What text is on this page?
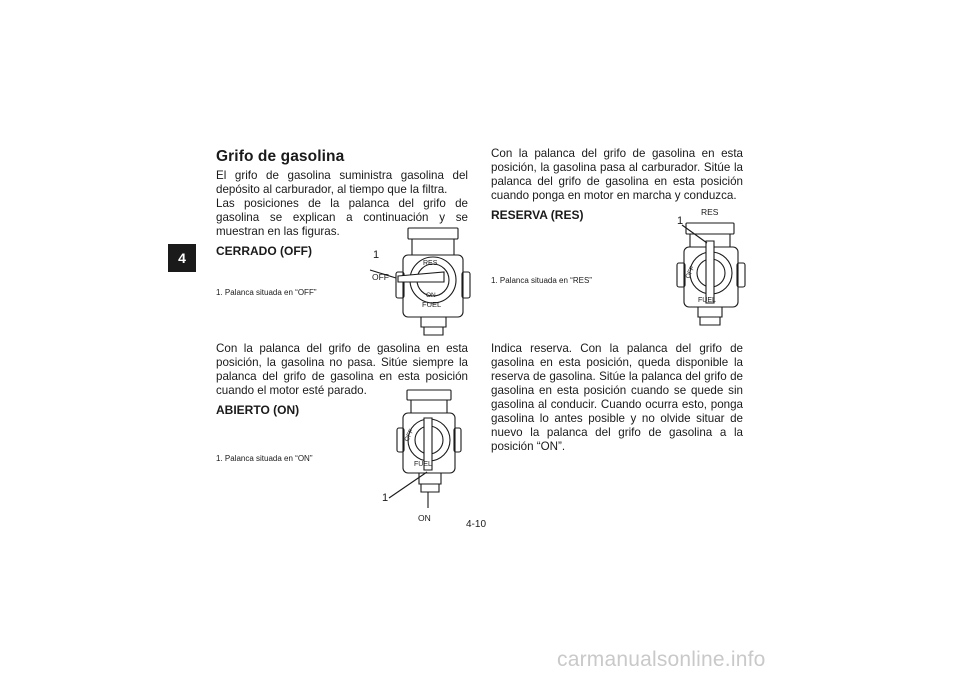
4
Grifo de gasolina

El grifo de gasolina suministra gasolina del depósito al carburador, al tiempo que la filtra.

Las posiciones de la palanca del grifo de gasolina se explican a continuación y se muestran en las figuras.

CERRADO (OFF)
1. Palanca situada en “OFF”
RES
ON
FUEL
1
OFF

Con la palanca del grifo de gasolina en esta posición, la gasolina no pasa. Sitúe siempre la palanca del grifo de gasolina en esta posición cuando el motor esté parado.

ABIERTO (ON)
1. Palanca situada en “ON”
OFF
FUEL
1
ON

Con la palanca del grifo de gasolina en esta posición, la gasolina pasa al carburador. Sitúe la palanca del grifo de gasolina en esta posición cuando ponga en motor en marcha y conduzca.

RESERVA (RES)
1. Palanca situada en “RES”
OFF
FUEL
1
RES

Indica reserva. Con la palanca del grifo de gasolina en esta posición, queda disponible la reserva de gasolina. Sitúe la palanca del grifo de gasolina en esta posición cuando se quede sin gasolina al conducir. Cuando ocurra esto, ponga gasolina lo antes posible y no olvide situar de nuevo la palanca del grifo de gasolina a la posición “ON”.

4-10
carmanualsonline.info
